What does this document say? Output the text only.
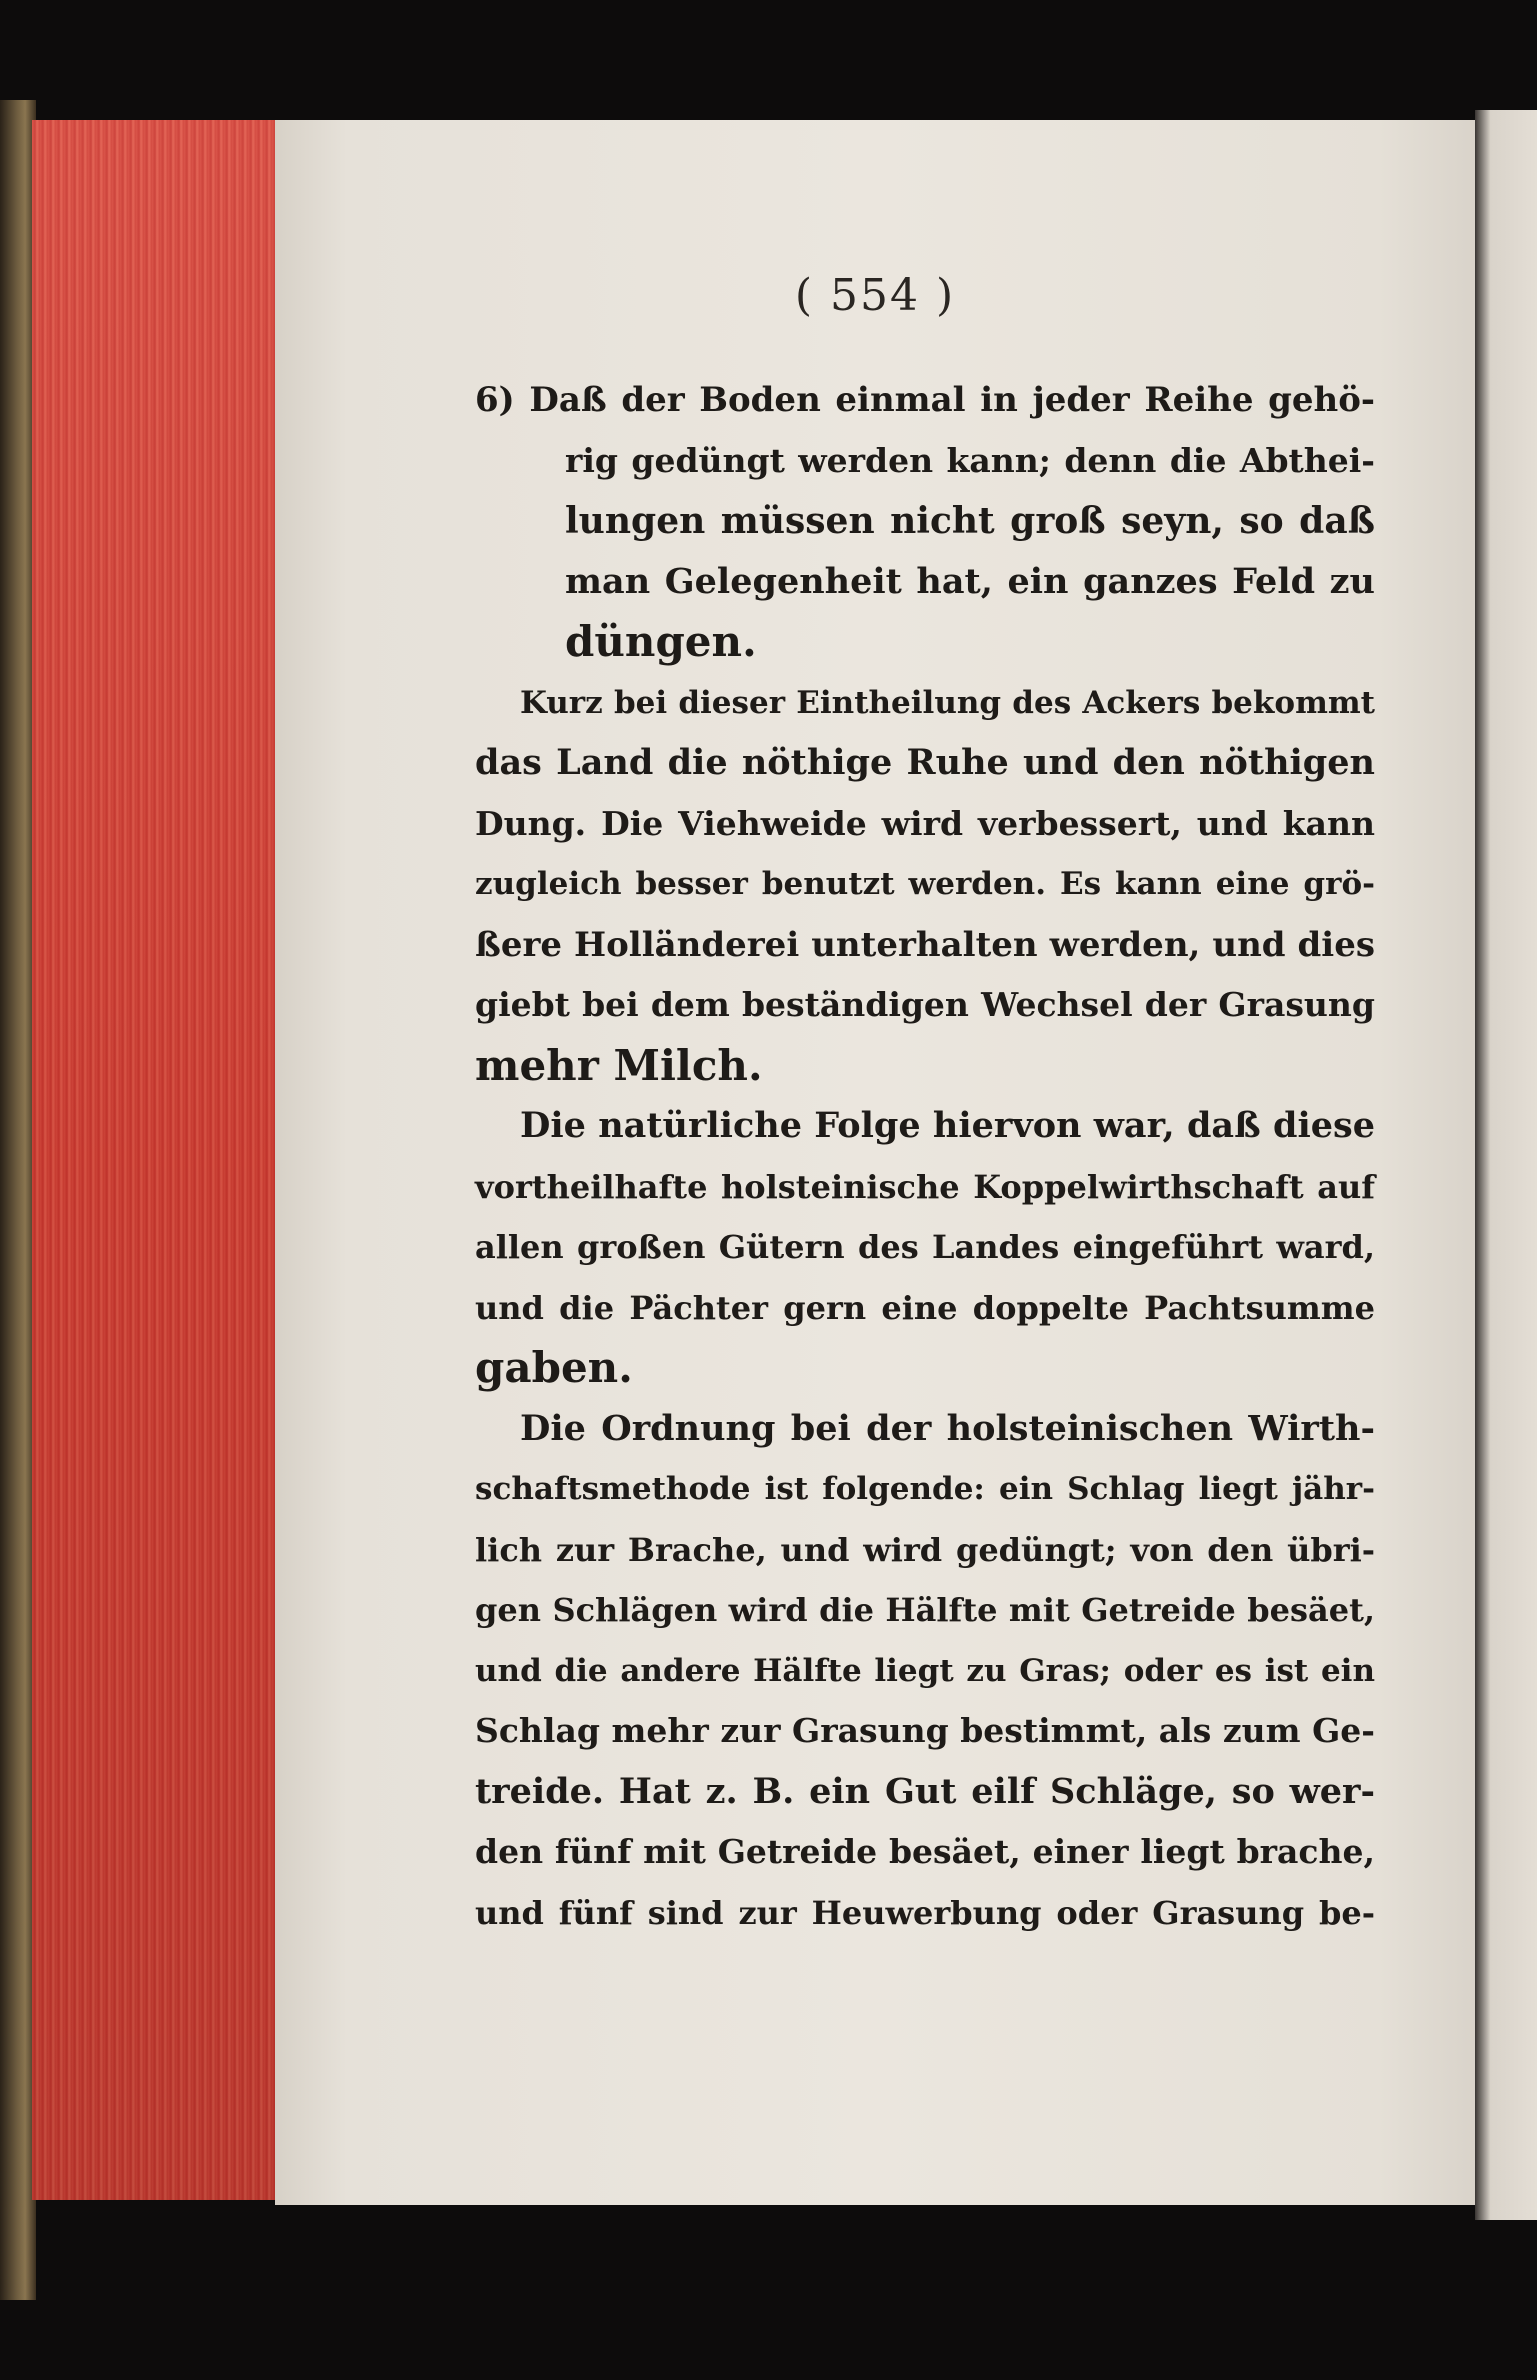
( 554 )
6) Daß der Boden einmal in jeder Reihe gehö-
rig gedüngt werden kann; denn die Abthei-
lungen müssen nicht groß seyn, so daß
man Gelegenheit hat, ein ganzes Feld zu
düngen.
Kurz bei dieser Eintheilung des Ackers bekommt
das Land die nöthige Ruhe und den nöthigen
Dung. Die Viehweide wird verbessert, und kann
zugleich besser benutzt werden. Es kann eine grö-
ßere Holländerei unterhalten werden, und dies
giebt bei dem beständigen Wechsel der Grasung
mehr Milch.
Die natürliche Folge hiervon war, daß diese
vortheilhafte holsteinische Koppelwirthschaft auf
allen großen Gütern des Landes eingeführt ward,
und die Pächter gern eine doppelte Pachtsumme
gaben.
Die Ordnung bei der holsteinischen Wirth-
schaftsmethode ist folgende: ein Schlag liegt jähr-
lich zur Brache, und wird gedüngt; von den übri-
gen Schlägen wird die Hälfte mit Getreide besäet,
und die andere Hälfte liegt zu Gras; oder es ist ein
Schlag mehr zur Grasung bestimmt, als zum Ge-
treide. Hat z. B. ein Gut eilf Schläge, so wer-
den fünf mit Getreide besäet, einer liegt brache,
und fünf sind zur Heuwerbung oder Grasung be-
